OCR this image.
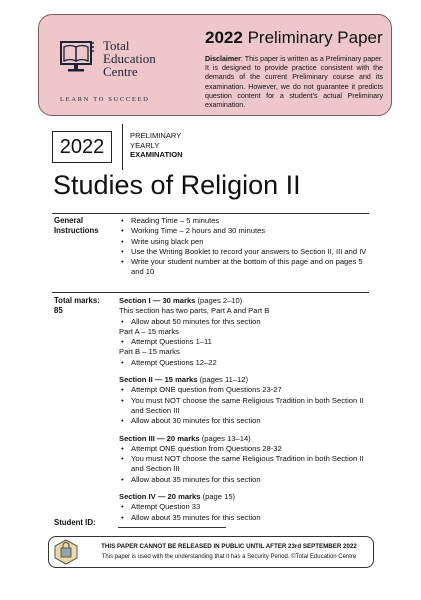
Total
Education
Centre
LEARN TO SUCCEED
2022 Preliminary Paper
Disclaimer: This paper is written as a Preliminary paper. It is designed to provide practice consistent with the demands of the current Preliminary course and its examination. However, we do not guarantee it predicts question content for a student's actual Preliminary examination.
2022
PRELIMINARY
YEARLY
EXAMINATION
Studies of Religion II
General
Instructions
• Reading Time – 5 minutes
• Working Time – 2 hours and 30 minutes
• Write using black pen
• Use the Writing Booklet to record your answers to Section II, III and IV
• Write your student number at the bottom of this page and on pages 5 and 10
Total marks:
85

Section I — 30 marks (pages 2–10)

This section has two parts, Part A and Part B

• Allow about 50 minutes for this section

Part A – 15 marks

• Attempt Questions 1–11

Part B – 15 marks

• Attempt Questions 12–22

Section II — 15 marks (pages 11–12)

• Attempt ONE question from Questions 23-27
• You must NOT choose the same Religious Tradition in both Section II and Section III
• Allow about 30 minutes for this section

Section III — 20 marks (pages 13–14)

• Attempt ONE question from Questions 28-32
• You must NOT choose the same Religious Tradition in both Section II and Section III
• Allow about 35 minutes for this section

Section IV — 20 marks (page 15)

• Attempt Question 33
• Allow about 35 minutes for this section
Student ID:
THIS PAPER CANNOT BE RELEASED IN PUBLIC UNTIL AFTER 23rd SEPTEMBER 2022
This paper is used with the understanding that it has a Security Period. ©Total Education Centre
